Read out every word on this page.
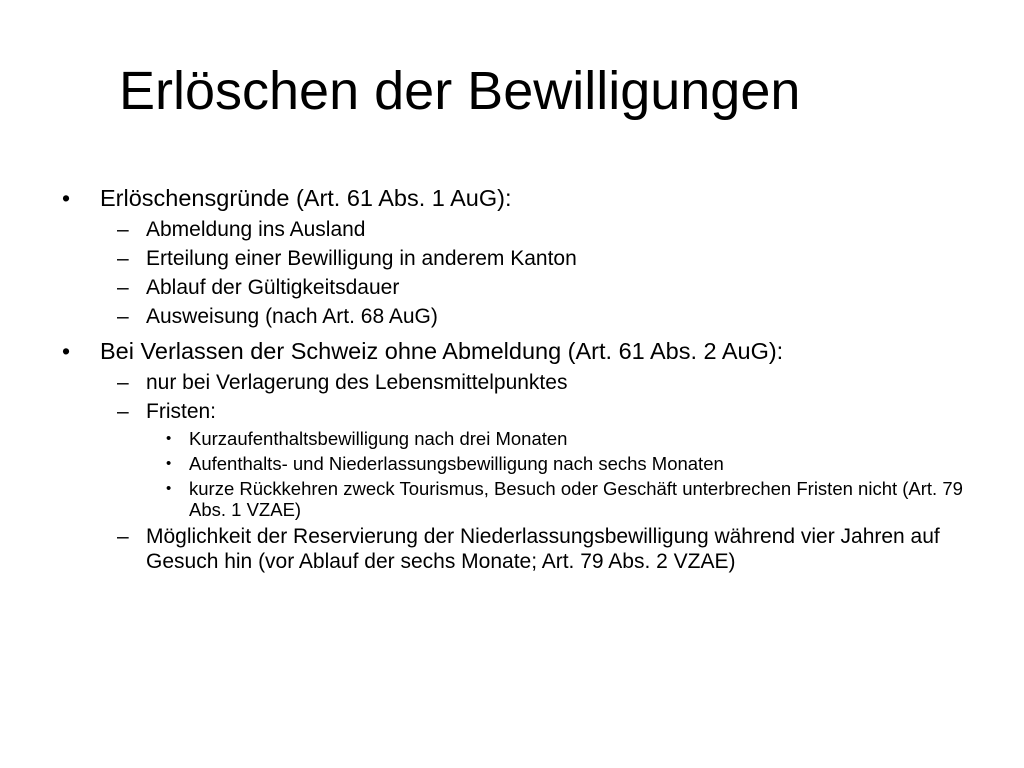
Erlöschen der Bewilligungen
• Erlöschensgründe (Art. 61 Abs. 1 AuG):
– Abmeldung ins Ausland
– Erteilung einer Bewilligung in anderem Kanton
– Ablauf der Gültigkeitsdauer
– Ausweisung (nach Art. 68 AuG)
• Bei Verlassen der Schweiz ohne Abmeldung (Art. 61 Abs. 2 AuG):
– nur bei Verlagerung des Lebensmittelpunktes
– Fristen:
• Kurzaufenthaltsbewilligung nach drei Monaten
• Aufenthalts- und Niederlassungsbewilligung nach sechs Monaten
• kurze Rückkehren zweck Tourismus, Besuch oder Geschäft unterbrechen Fristen nicht (Art. 79 Abs. 1 VZAE)
– Möglichkeit der Reservierung der Niederlassungsbewilligung während vier Jahren auf Gesuch hin (vor Ablauf der sechs Monate; Art. 79 Abs. 2 VZAE)
